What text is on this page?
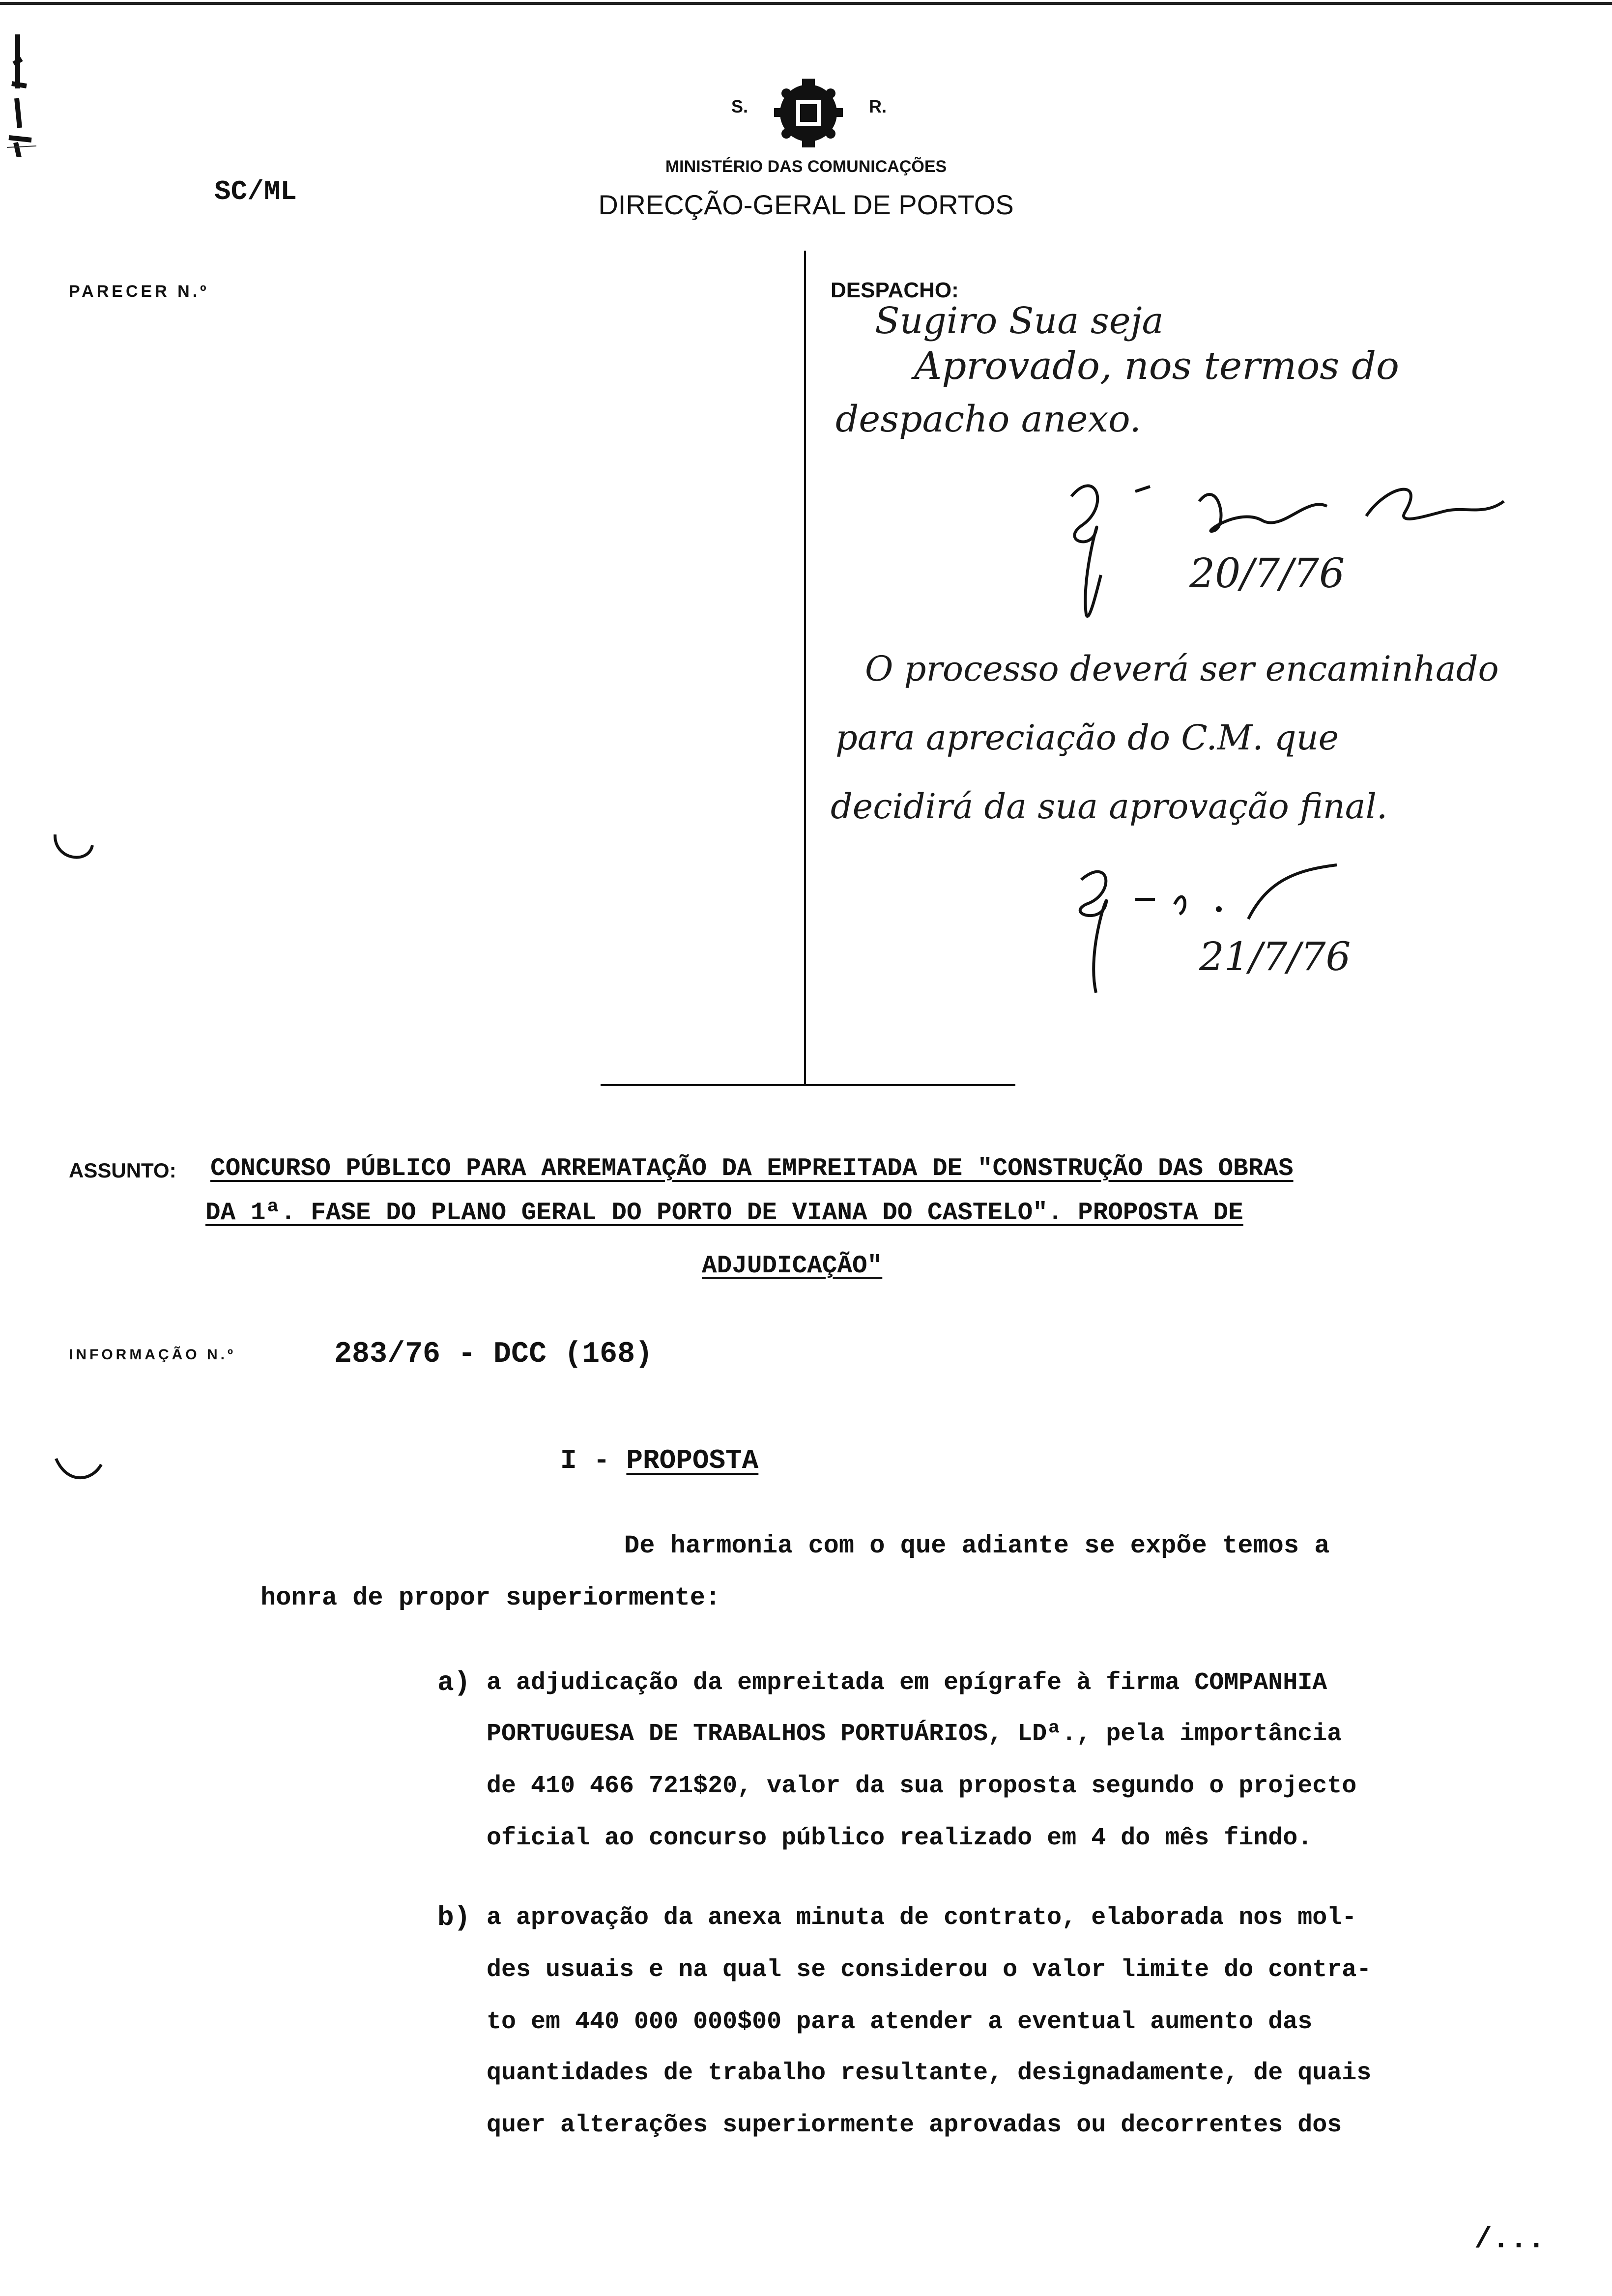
S.	R.
MINISTÉRIO DAS COMUNICAÇÕES
DIRECÇÃO-GERAL DE PORTOS
SC/ML
PARECER N.º	DESPACHO:
Sugiro Sua seja
Aprovado, nos termos do
despacho anexo.
20/7/76
O processo deverá ser encaminhado
para apreciação do C.M. que
decidirá da sua aprovação final.
21/7/76
ASSUNTO: CONCURSO PÚBLICO PARA ARREMATAÇÃO DA EMPREITADA DE "CONSTRUÇÃO DAS OBRAS
DA 1ª. FASE DO PLANO GERAL DO PORTO DE VIANA DO CASTELO". PROPOSTA DE
ADJUDICAÇÃO"
INFORMAÇÃO N.º	283/76 - DCC (168)
I - PROPOSTA
De harmonia com o que adiante se expõe temos a
honra de propor superiormente:
a) a adjudicação da empreitada em epígrafe à firma COMPANHIA
PORTUGUESA DE TRABALHOS PORTUÁRIOS, LDª., pela importância
de 410 466 721$20, valor da sua proposta segundo o projecto
oficial ao concurso público realizado em 4 do mês findo.
b) a aprovação da anexa minuta de contrato, elaborada nos mol-
des usuais e na qual se considerou o valor limite do contra-
to em 440 000 000$00 para atender a eventual aumento das
quantidades de trabalho resultante, designadamente, de quais
quer alterações superiormente aprovadas ou decorrentes dos
/...
